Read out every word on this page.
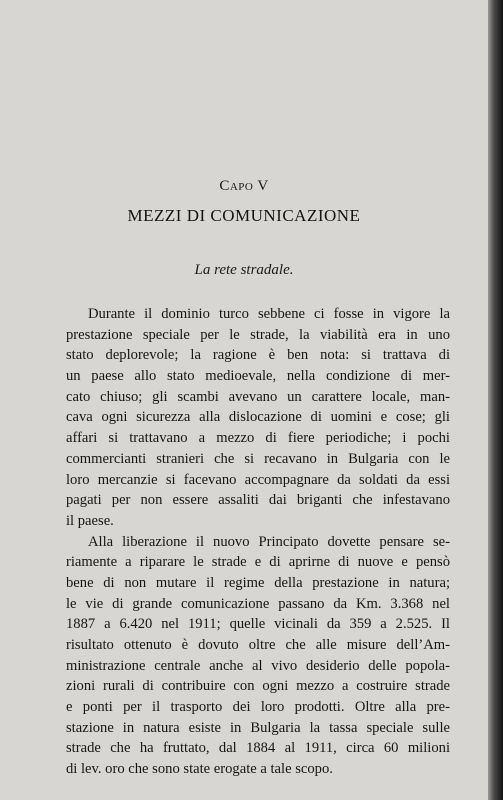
Capo V
MEZZI DI COMUNICAZIONE
La rete stradale.
Durante il dominio turco sebbene ci fosse in vigore la
prestazione speciale per le strade, la viabilità era in uno
stato deplorevole; la ragione è ben nota: si trattava di
un paese allo stato medioevale, nella condizione di mer-
cato chiuso; gli scambi avevano un carattere locale, man-
cava ogni sicurezza alla dislocazione di uomini e cose; gli
affari si trattavano a mezzo di fiere periodiche; i pochi
commercianti stranieri che si recavano in Bulgaria con le
loro mercanzie si facevano accompagnare da soldati da essi
pagati per non essere assaliti dai briganti che infestavano
il paese.
Alla liberazione il nuovo Principato dovette pensare se-
riamente a riparare le strade e di aprirne di nuove e pensò
bene di non mutare il regime della prestazione in natura;
le vie di grande comunicazione passano da Km. 3.368 nel
1887 a 6.420 nel 1911; quelle vicinali da 359 a 2.525. Il
risultato ottenuto è dovuto oltre che alle misure dell’Am-
ministrazione centrale anche al vivo desiderio delle popola-
zioni rurali di contribuire con ogni mezzo a costruire strade
e ponti per il trasporto dei loro prodotti. Oltre alla pre-
stazione in natura esiste in Bulgaria la tassa speciale sulle
strade che ha fruttato, dal 1884 al 1911, circa 60 milioni
di lev. oro che sono state erogate a tale scopo.
